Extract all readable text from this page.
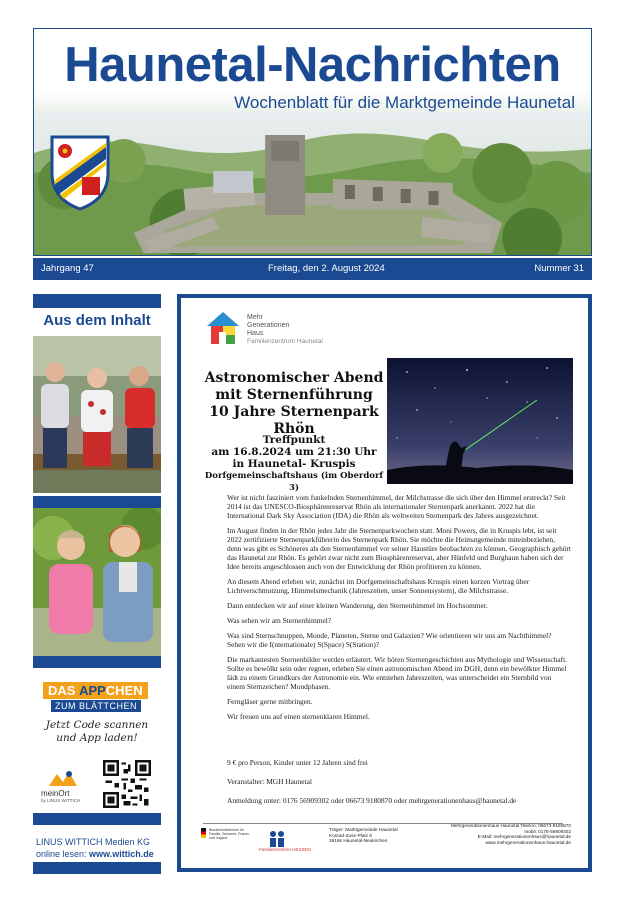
Haunetal-Nachrichten
Wochenblatt für die Marktgemeinde Haunetal
Jahrgang 47	Freitag, den 2. August 2024	Nummer 31
Aus dem Inhalt
DAS APPCHEN
ZUM BLÄTTCHEN
Jetzt Code scannen
und App laden!
meinOrt
by LINUS WITTICH
LINUS WITTICH Medien KG
online lesen: www.wittich.de
Mehr
Generationen
Haus
Familienzentrum Haunetal
Astronomischer Abend
mit Sternenführung
10 Jahre Sternenpark Rhön
Treffpunkt
am 16.8.2024 um 21:30 Uhr
in Haunetal- Kruspis
Dorfgemeinschaftshaus (im Oberdorf 3)

Wer ist nicht fasziniert vom funkelnden Sternenhimmel, der Milchstrasse die sich über den Himmel erstreckt? Seit 2014 ist das UNESCO-Biosphärenreservat Rhön als internationaler Sternenpark anerkannt. 2022 hat die International Dark Sky Association (IDA) die Rhön als weltweiten Sternenpark des Jahres ausgezeichnet.

Im August finden in der Rhön jedes Jahr die Sternenparkwochen statt. Moni Powers, die in Kruspis lebt, ist seit 2022 zertifizierte Sternenparkführerin des Sternenpark Rhön. Sie möchte die Heimatgemeinde miteinbeziehen, denn was gibt es Schöneres als den Sternenhimmel vor seiner Haustüre beobachten zu können. Geographisch gehört das Haunetal zur Rhön. Es gehört zwar nicht zum Biosphärenreservat, aber Hünfeld und Burghaun haben sich der Idee bereits angeschlossen auch von der Entwicklung der Rhön profitieren zu können.

An diesem Abend erleben wir, zunächst im Dorfgemeinschaftshaus Kruspis einen kurzen Vortrag über Lichtverschmutzung, Himmelsmechanik (Jahreszeiten, unser Sonnensystem), die Milchstrasse.

Dann entdecken wir auf einer kleinen Wanderung, den Sternenhimmel im Hochsommer.

Was sehen wir am Sternenhimmel?

Was sind Sternschnuppen, Monde, Planeten, Sterne und Galaxien? Wie orientieren wir uns am Nachthimmel? Sehen wir die I(nternationale) S(Space) S(Station)?

Die markantesten Sternenbilder werden erläutert. Wir hören Sternengeschichten aus Mythologie und Wissenschaft. Sollte es bewölkt sein oder regnen, erleben Sie einen astronomischen Abend im DGH, denn ein bewölkter Himmel lädt zu einem Grundkurs der Astronomie ein. Wie entstehen Jahreszeiten, was unterscheidet ein Sternbild von einem Sternzeichen? Mondphasen.

Ferngläser gerne mitbringen.

Wir freuen uns auf einen sternenklaren Himmel.

9 € pro Person, Kinder unter 12 Jahren sind frei

Veranstalter: MGH Haunetal

Anmeldung unter: 0176 56909302 oder 06673 9180870 oder mehrgenerationenhaus@haunetal.de

Bundesministerium für Familie, Senioren, Frauen und Jugend
Familienzentren HESSEN
Träger: Marktgemeinde Haunetal
Konrad-Zuse-Platz 6
36166 Haunetal-Neukirchen
Mehrgenerationenhaus Haunetal Telefon: 06673-9180870
mobil: 0176-56909302
E-Mail: mehrgenerationenhaus@haunetal.de
www.mehrgenerationenhaus-haunetal.de
